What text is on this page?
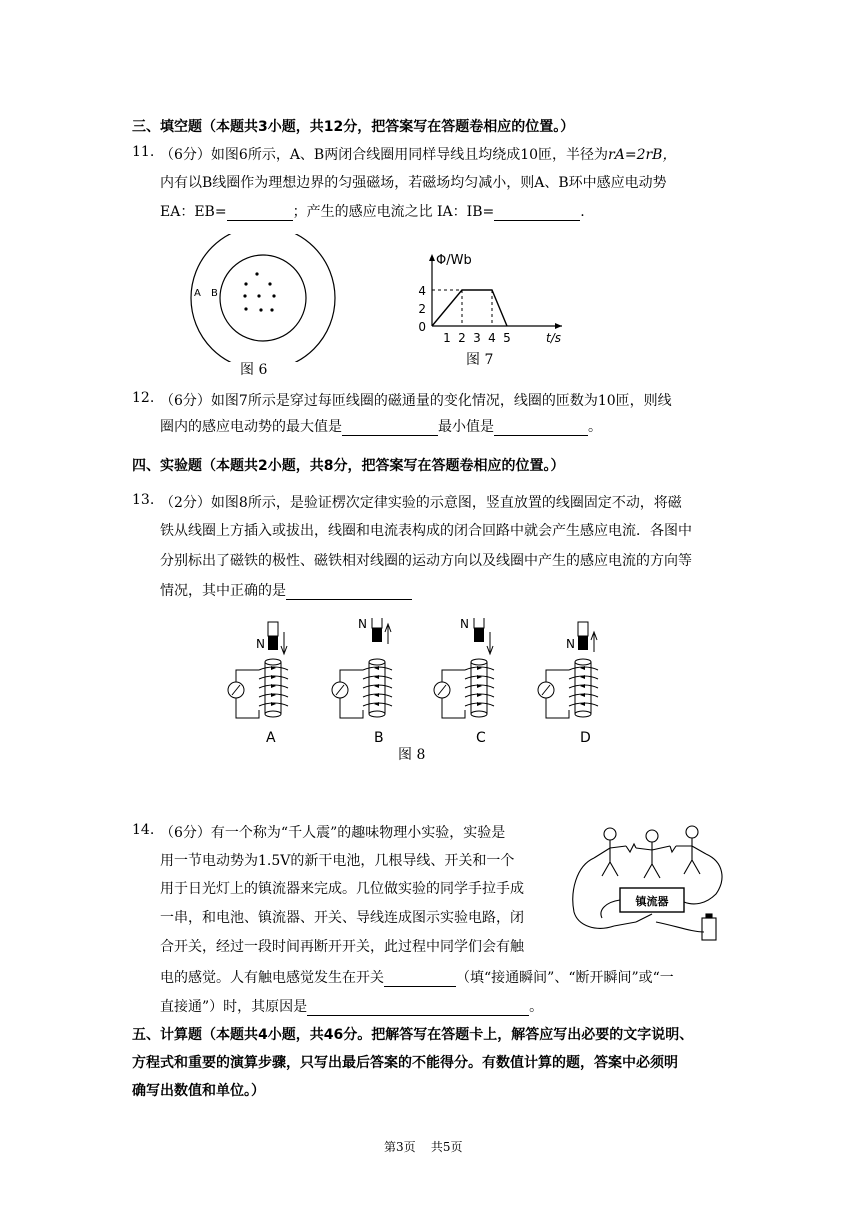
三、填空题（本题共3小题，共12分，把答案写在答题卷相应的位置。）
11. （6分）如图6所示，A、B两闭合线圈用同样导线且均绕成10匝，半径为rA=2rB，
内有以B线圈作为理想边界的匀强磁场，若磁场均匀减小，则A、B环中感应电动势
EA：EB=	；产生的感应电流之比 IA：IB=	.
A B
图 6
Φ/Wb
t/s
1 2 3 4 5
0
2
4
图 7
12. （6分）如图7所示是穿过每匝线圈的磁通量的变化情况，线圈的匝数为10匝，则线
圈内的感应电动势的最大值是	最小值是	。
四、实验题（本题共2小题，共8分，把答案写在答题卷相应的位置。）
13. （2分）如图8所示，是验证楞次定律实验的示意图，竖直放置的线圈固定不动，将磁
铁从线圈上方插入或拔出，线圈和电流表构成的闭合回路中就会产生感应电流．各图中
分别标出了磁铁的极性、磁铁相对线圈的运动方向以及线圈中产生的感应电流的方向等
情况，其中正确的是
N
A
N
B
N
C
N
D
图 8
14. （6分）有一个称为“千人震”的趣味物理小实验，实验是
用一节电动势为1.5V的新干电池，几根导线、开关和一个
用于日光灯上的镇流器来完成。几位做实验的同学手拉手成
一串，和电池、镇流器、开关、导线连成图示实验电路，闭
合开关，经过一段时间再断开开关，此过程中同学们会有触
电的感觉。人有触电感觉发生在开关	（填“接通瞬间”、“断开瞬间”或“一
直接通”）时，其原因是	。
镇流器
五、计算题（本题共4小题，共46分。把解答写在答题卡上，解答应写出必要的文字说明、
方程式和重要的演算步骤，只写出最后答案的不能得分。有数值计算的题，答案中必须明
确写出数值和单位。）
第3页 共5页
